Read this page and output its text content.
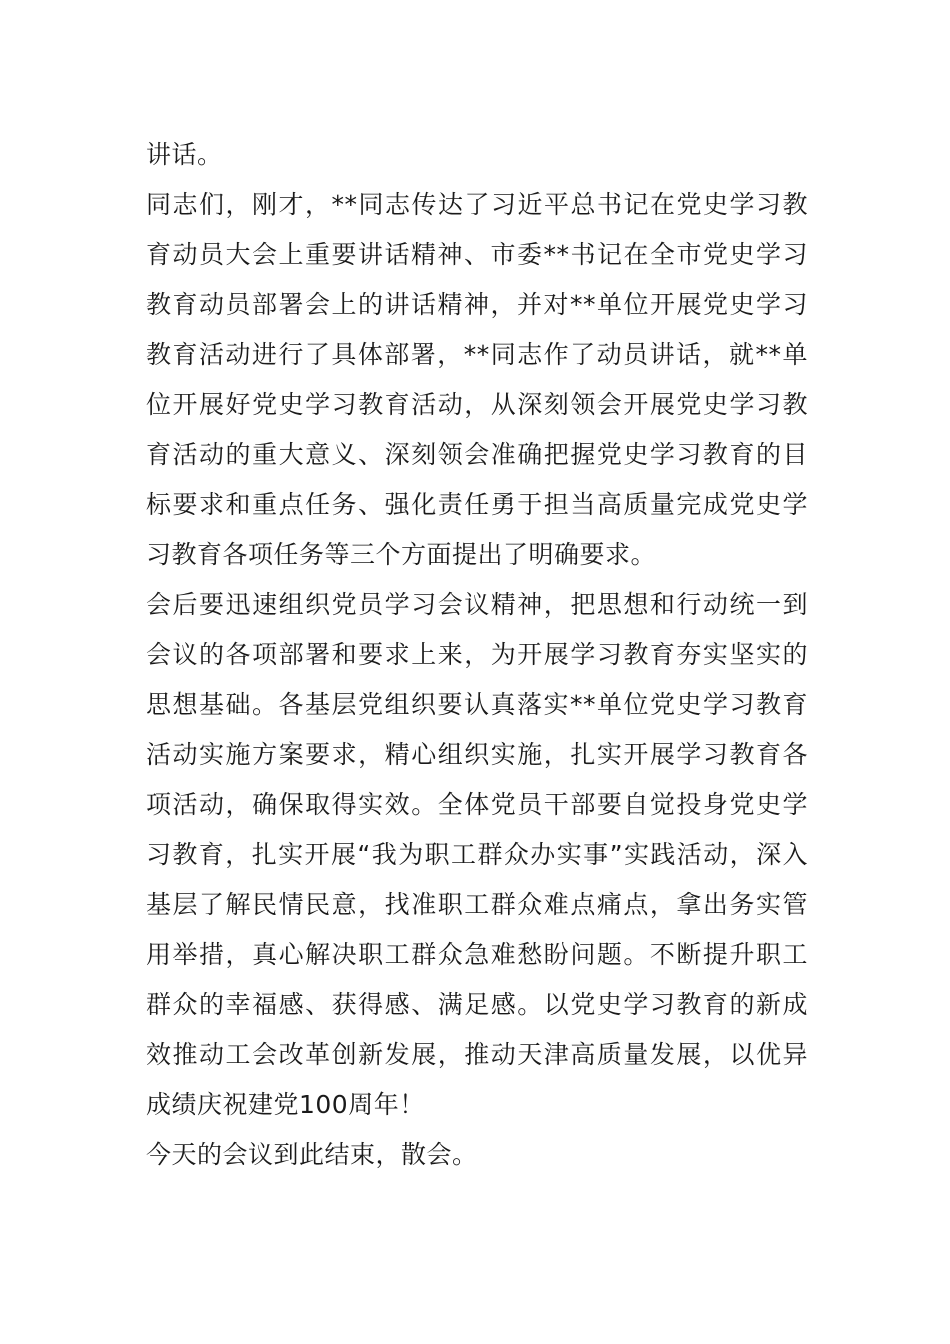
讲话。

同志们，刚才，**同志传达了习近平总书记在党史学习教育动员大会上重要讲话精神、市委**书记在全市党史学习教育动员部署会上的讲话精神，并对**单位开展党史学习教育活动进行了具体部署，**同志作了动员讲话，就**单位开展好党史学习教育活动，从深刻领会开展党史学习教育活动的重大意义、深刻领会准确把握党史学习教育的目标要求和重点任务、强化责任勇于担当高质量完成党史学习教育各项任务等三个方面提出了明确要求。

会后要迅速组织党员学习会议精神，把思想和行动统一到会议的各项部署和要求上来，为开展学习教育夯实坚实的思想基础。各基层党组织要认真落实**单位党史学习教育活动实施方案要求，精心组织实施，扎实开展学习教育各项活动，确保取得实效。全体党员干部要自觉投身党史学习教育，扎实开展“我为职工群众办实事”实践活动，深入基层了解民情民意，找准职工群众难点痛点，拿出务实管用举措，真心解决职工群众急难愁盼问题。不断提升职工群众的幸福感、获得感、满足感。以党史学习教育的新成效推动工会改革创新发展，推动天津高质量发展，以优异成绩庆祝建党100周年！

今天的会议到此结束，散会。
